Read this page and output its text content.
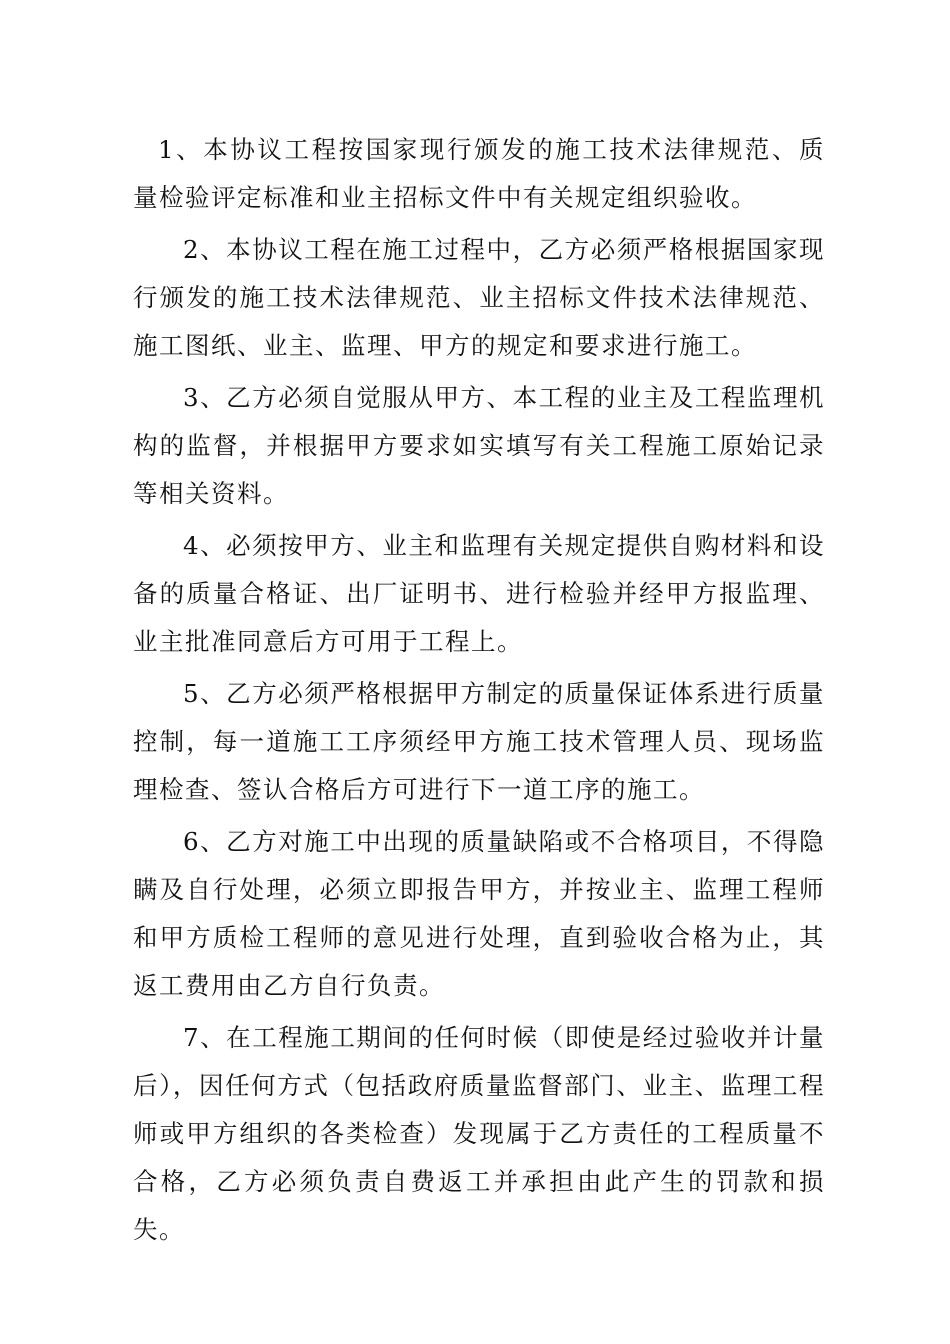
1、本协议工程按国家现行颁发的施工技术法律规范、质量检验评定标准和业主招标文件中有关规定组织验收。

2、本协议工程在施工过程中，乙方必须严格根据国家现行颁发的施工技术法律规范、业主招标文件技术法律规范、施工图纸、业主、监理、甲方的规定和要求进行施工。

3、乙方必须自觉服从甲方、本工程的业主及工程监理机构的监督，并根据甲方要求如实填写有关工程施工原始记录等相关资料。

4、必须按甲方、业主和监理有关规定提供自购材料和设备的质量合格证、出厂证明书、进行检验并经甲方报监理、业主批准同意后方可用于工程上。

5、乙方必须严格根据甲方制定的质量保证体系进行质量控制，每一道施工工序须经甲方施工技术管理人员、现场监理检查、签认合格后方可进行下一道工序的施工。

6、乙方对施工中出现的质量缺陷或不合格项目，不得隐瞒及自行处理，必须立即报告甲方，并按业主、监理工程师和甲方质检工程师的意见进行处理，直到验收合格为止，其返工费用由乙方自行负责。

7、在工程施工期间的任何时候（即使是经过验收并计量后），因任何方式（包括政府质量监督部门、业主、监理工程师或甲方组织的各类检查）发现属于乙方责任的工程质量不合格，乙方必须负责自费返工并承担由此产生的罚款和损失。
